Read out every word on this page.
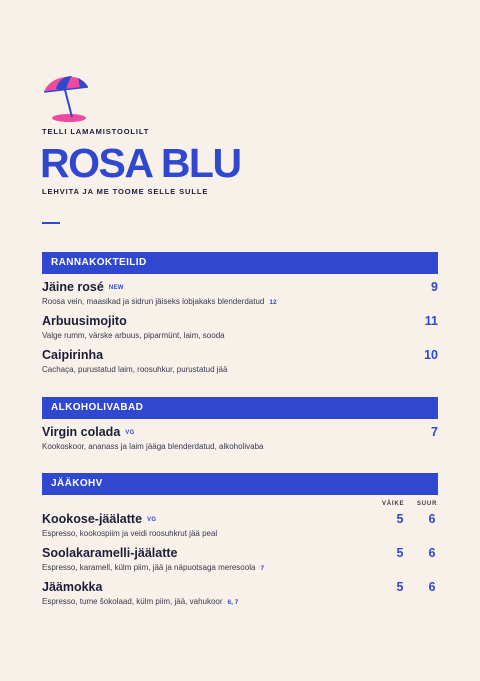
TELLI LAMAMISTOOLILT
ROSA BLU
LEHVITA JA ME TOOME SELLE SULLE
RANNAKOKTEILID
Jäine rosé NEW
Roosa vein, maasikad ja sidrun jäiseks lobjakaks blenderdatud 12
9
Arbuusimojito
Valge rumm, värske arbuus, piparmünt, laim, sooda
11
Caipirinha
Cachaça, purustatud laim, roosuhkur, purustatud jää
10
ALKOHOLIVABAD
Virgin colada VG
Kookoskoor, ananass ja laim jääga blenderdatud, alkoholivaba
7
JÄÄKOHV
VÄIKE SUUR
Kookose-jäälatte VG
Espresso, kookospiim ja veidi roosuhkrut jää peal
5	6
Soolakaramelli-jäälatte
Espresso, karamell, külm piim, jää ja näpuotsaga meresoola 7
5	6
Jäämokka
Espresso, tume šokolaad, külm piim, jää, vahukoor 6, 7
5	6
